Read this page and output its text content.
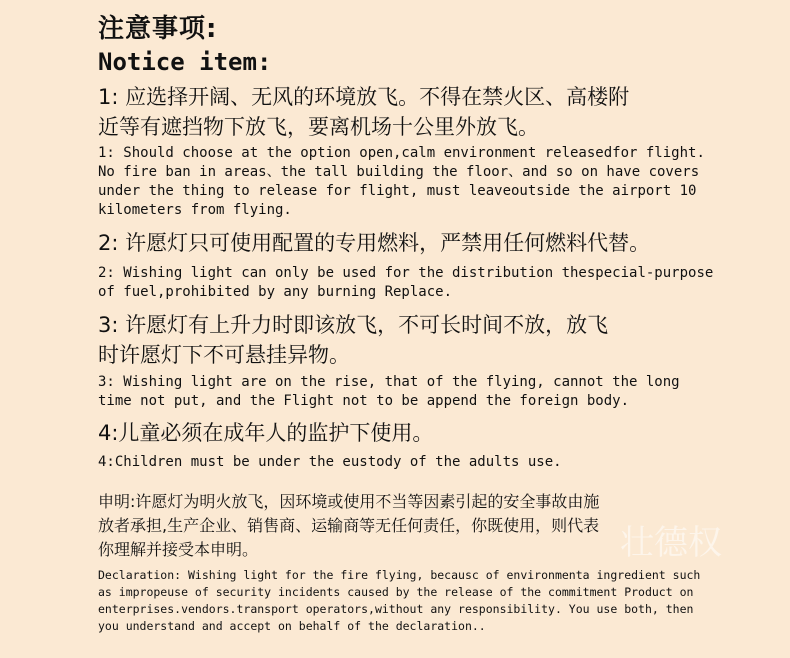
注意事项:

Notice item:

1: 应选择开阔、无风的环境放飞。不得在禁火区、高楼附
近等有遮挡物下放飞，要离机场十公里外放飞。

1: Should choose at the option open,calm environment releasedfor flight.
No fire ban in areas、the tall building the floor、and so on have covers
under the thing to release for flight, must leaveoutside the airport 10
kilometers from flying.

2: 许愿灯只可使用配置的专用燃料，严禁用任何燃料代替。

2: Wishing light can only be used for the distribution thespecial-purpose
of fuel,prohibited by any burning Replace.

3: 许愿灯有上升力时即该放飞，不可长时间不放，放飞
时许愿灯下不可悬挂异物。

3: Wishing light are on the rise, that of the flying, cannot the long
time not put, and the Flight not to be append the foreign body.

4:儿童必须在成年人的监护下使用。

4:Children must be under the eustody of the adults use.

申明:许愿灯为明火放飞，因环境或使用不当等因素引起的安全事故由施
放者承担,生产企业、销售商、运输商等无任何责任，你既使用，则代表
你理解并接受本申明。

Declaration: Wishing light for the fire flying, becausc of environmenta ingredient such
as impropeuse of security incidents caused by the release of the commitment Product on
enterprises.vendors.transport operators,without any responsibility. You use both, then
you understand and accept on behalf of the declaration..

壮德权
